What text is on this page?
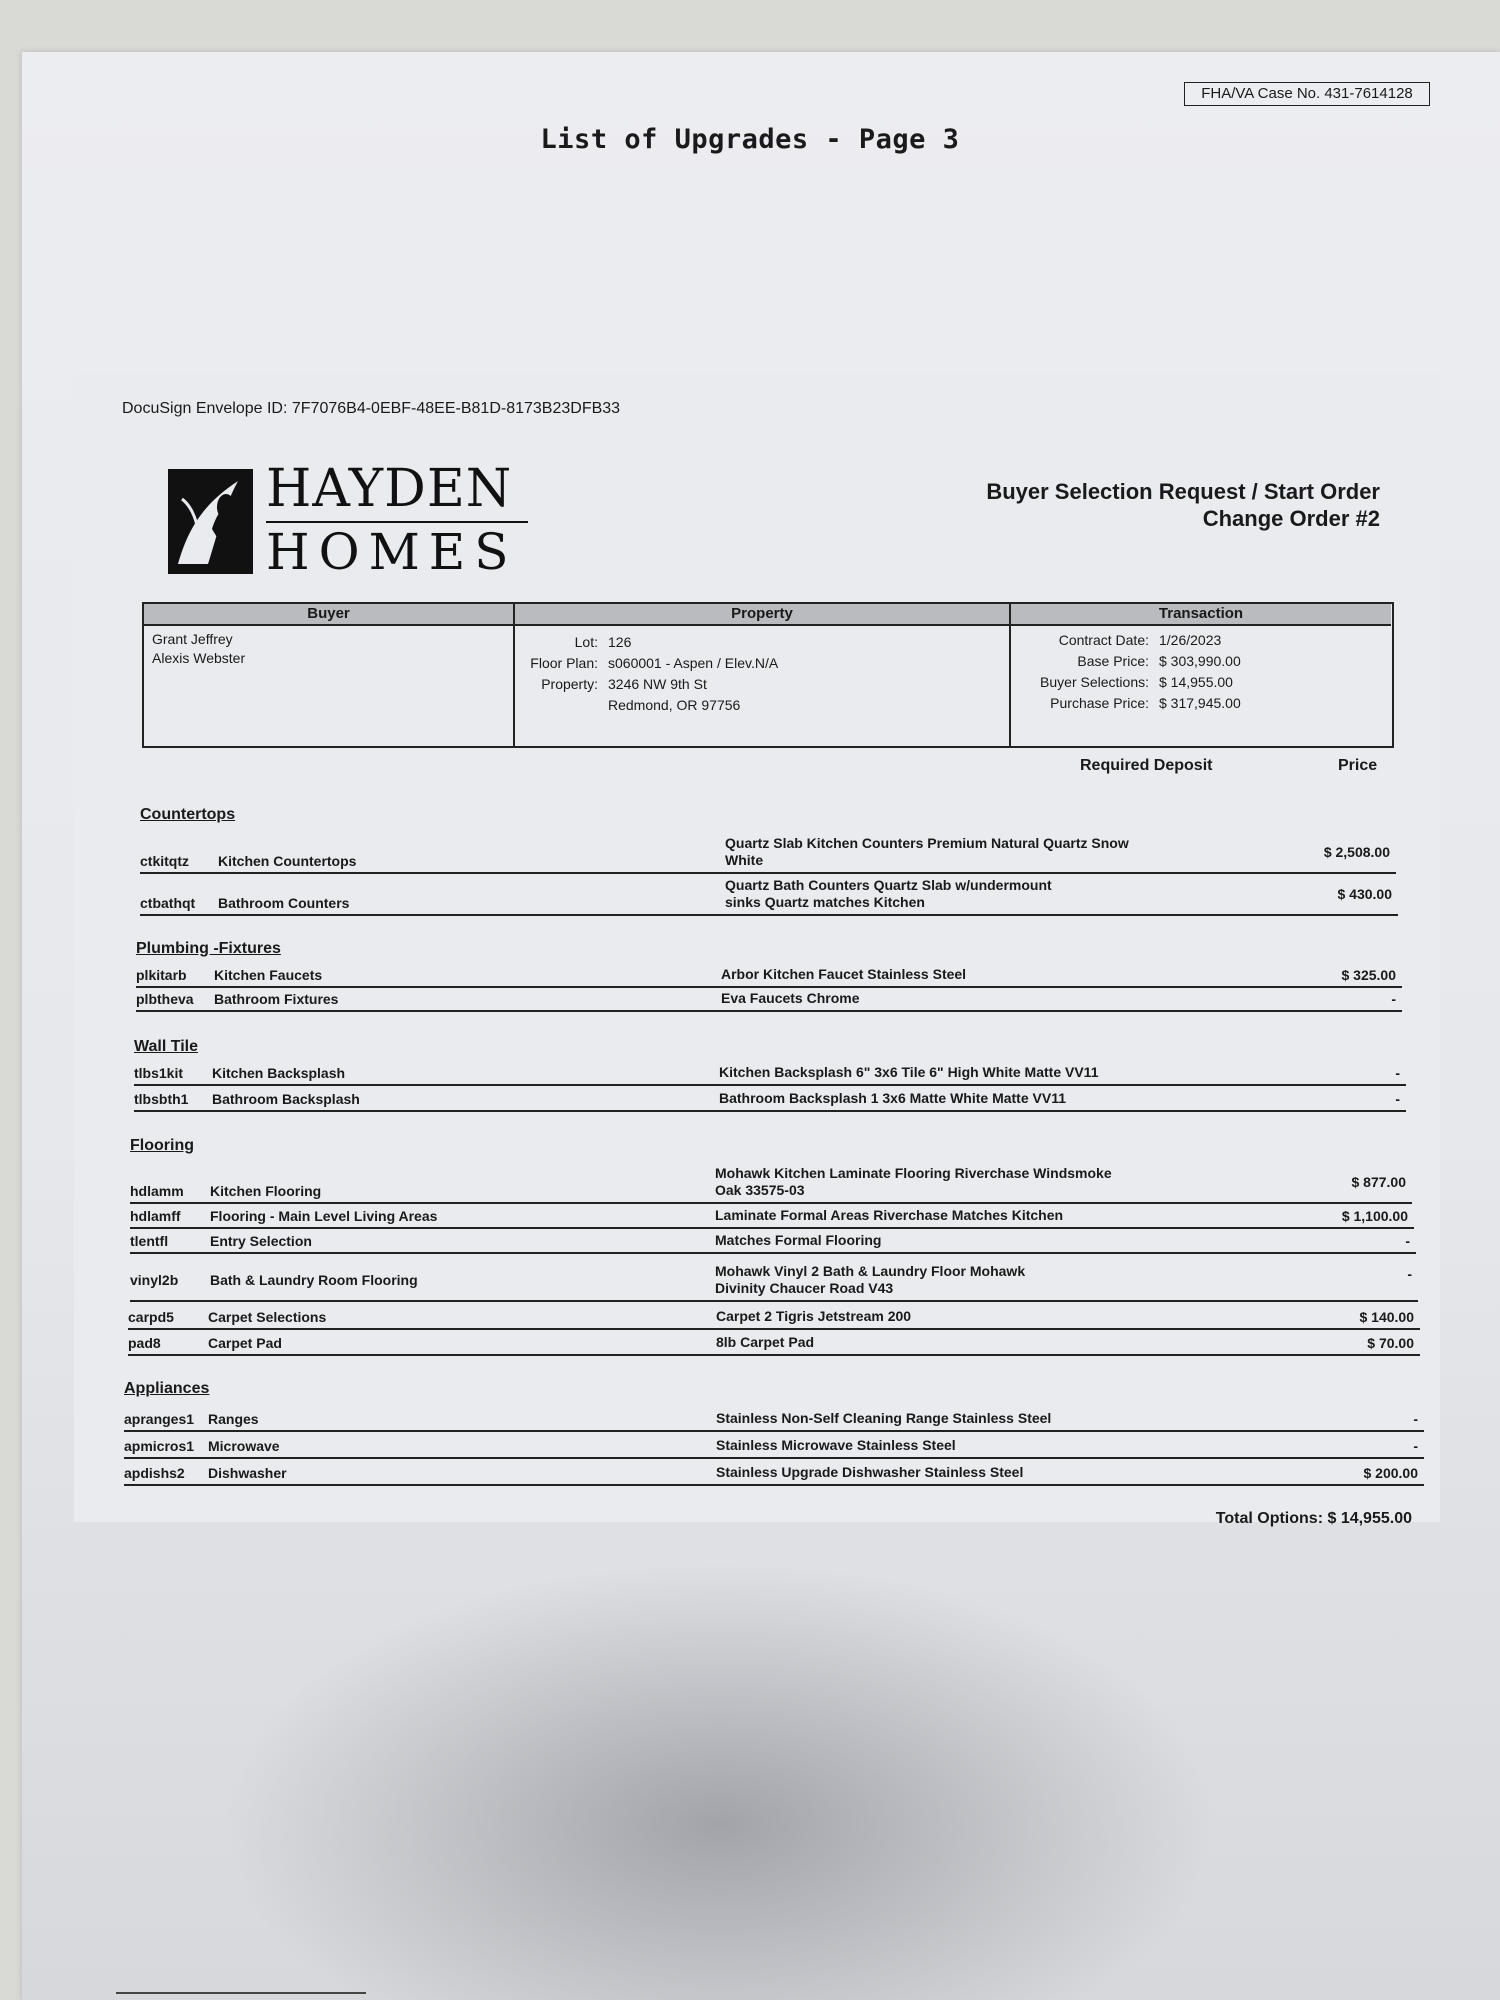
FHA/VA Case No. 431-7614128
List of Upgrades - Page 3
DocuSign Envelope ID: 7F7076B4-0EBF-48EE-B81D-8173B23DFB33
HAYDEN
HOMES
Buyer Selection Request / Start Order
Change Order #2
Buyer
Grant Jeffrey
Alexis Webster
Property
Lot: 126
Floor Plan: s060001 - Aspen / Elev.N/A
Property: 3246 NW 9th St
Redmond, OR 97756
Transaction
Contract Date: 1/26/2023
Base Price: $ 303,990.00
Buyer Selections: $ 14,955.00
Purchase Price: $ 317,945.00
Required Deposit	Price
Countertops
ctkitqtz Kitchen Countertops
Quartz Slab Kitchen Counters Premium Natural Quartz Snow
White	$ 2,508.00
ctbathqt Bathroom Counters
Quartz Bath Counters Quartz Slab w/undermount
sinks Quartz matches Kitchen	$ 430.00
Plumbing -Fixtures
plkitarb Kitchen Faucets	Arbor Kitchen Faucet Stainless Steel	$ 325.00
plbtheva Bathroom Fixtures	Eva Faucets Chrome	-
Wall Tile
tlbs1kit Kitchen Backsplash	Kitchen Backsplash 6" 3x6 Tile 6" High White Matte VV11	-
tlbsbth1 Bathroom Backsplash	Bathroom Backsplash 1 3x6 Matte White Matte VV11	-
Flooring
hdlamm Kitchen Flooring
Mohawk Kitchen Laminate Flooring Riverchase Windsmoke
Oak 33575-03	$ 877.00
hdlamff Flooring - Main Level Living Areas	Laminate Formal Areas Riverchase Matches Kitchen	$ 1,100.00
tlentfl	Entry Selection	Matches Formal Flooring	-
vinyl2b Bath & Laundry Room Flooring
Mohawk Vinyl 2 Bath & Laundry Floor Mohawk
Divinity Chaucer Road V43
-
carpd5 Carpet Selections	Carpet 2 Tigris Jetstream 200	$ 140.00
pad8	Carpet Pad	8lb Carpet Pad	$ 70.00
Appliances
apranges1 Ranges	Stainless Non-Self Cleaning Range Stainless Steel	-
apmicros1 Microwave	Stainless Microwave Stainless Steel	-
apdishs2 Dishwasher	Stainless Upgrade Dishwasher Stainless Steel	$ 200.00
Total Options: $ 14,955.00
